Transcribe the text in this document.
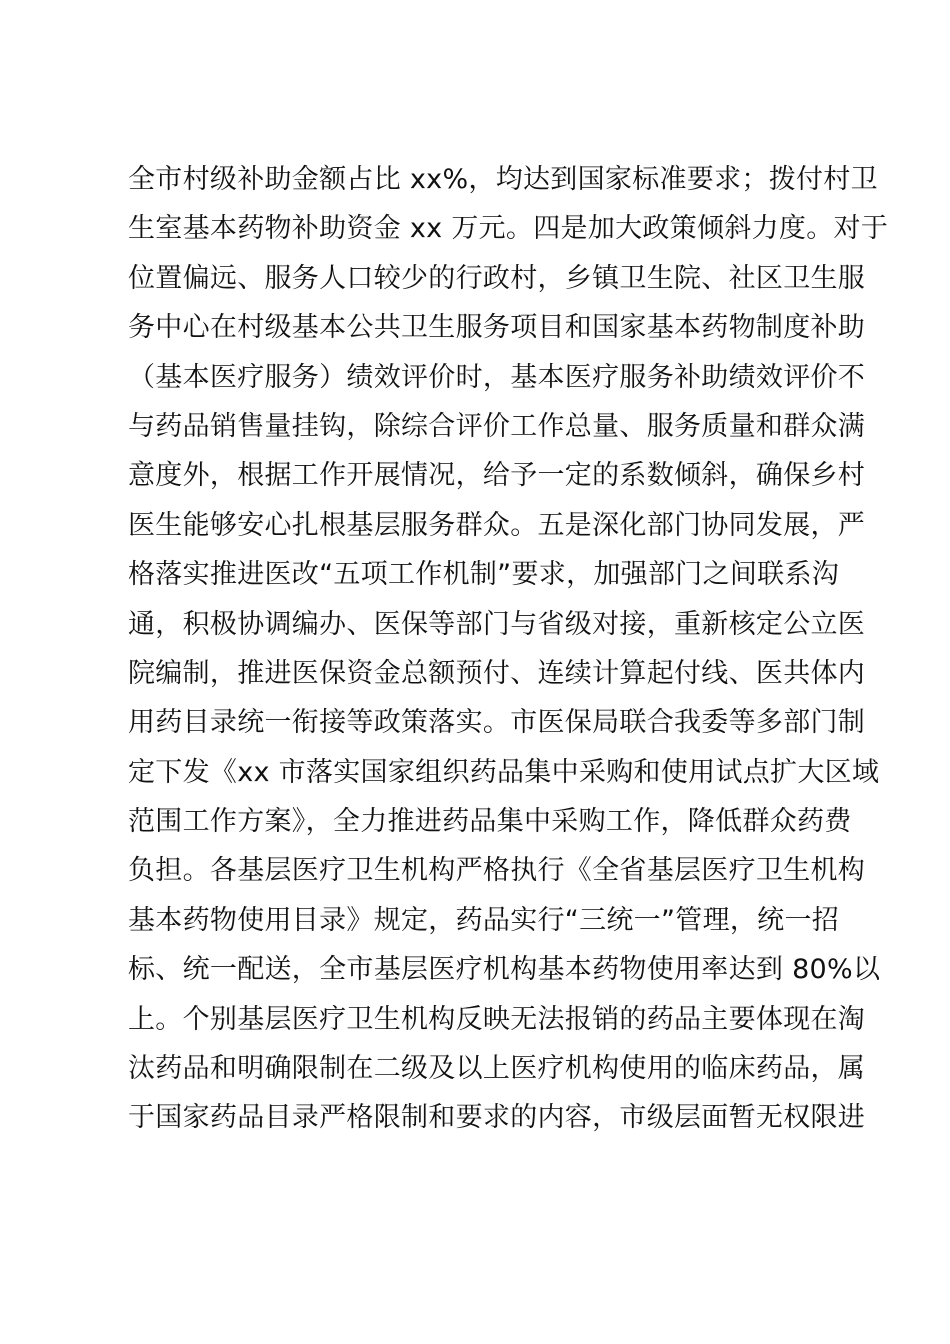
全市村级补助金额占比 xx%，均达到国家标准要求；拨付村卫
生室基本药物补助资金 xx 万元。四是加大政策倾斜力度。对于
位置偏远、服务人口较少的行政村，乡镇卫生院、社区卫生服
务中心在村级基本公共卫生服务项目和国家基本药物制度补助
（基本医疗服务）绩效评价时，基本医疗服务补助绩效评价不
与药品销售量挂钩，除综合评价工作总量、服务质量和群众满
意度外，根据工作开展情况，给予一定的系数倾斜，确保乡村
医生能够安心扎根基层服务群众。五是深化部门协同发展，严
格落实推进医改“五项工作机制”要求，加强部门之间联系沟
通，积极协调编办、医保等部门与省级对接，重新核定公立医
院编制，推进医保资金总额预付、连续计算起付线、医共体内
用药目录统一衔接等政策落实。市医保局联合我委等多部门制
定下发《xx 市落实国家组织药品集中采购和使用试点扩大区域
范围工作方案》，全力推进药品集中采购工作，降低群众药费
负担。各基层医疗卫生机构严格执行《全省基层医疗卫生机构
基本药物使用目录》规定，药品实行“三统一”管理，统一招
标、统一配送，全市基层医疗机构基本药物使用率达到 80%以
上。个别基层医疗卫生机构反映无法报销的药品主要体现在淘
汰药品和明确限制在二级及以上医疗机构使用的临床药品，属
于国家药品目录严格限制和要求的内容，市级层面暂无权限进
